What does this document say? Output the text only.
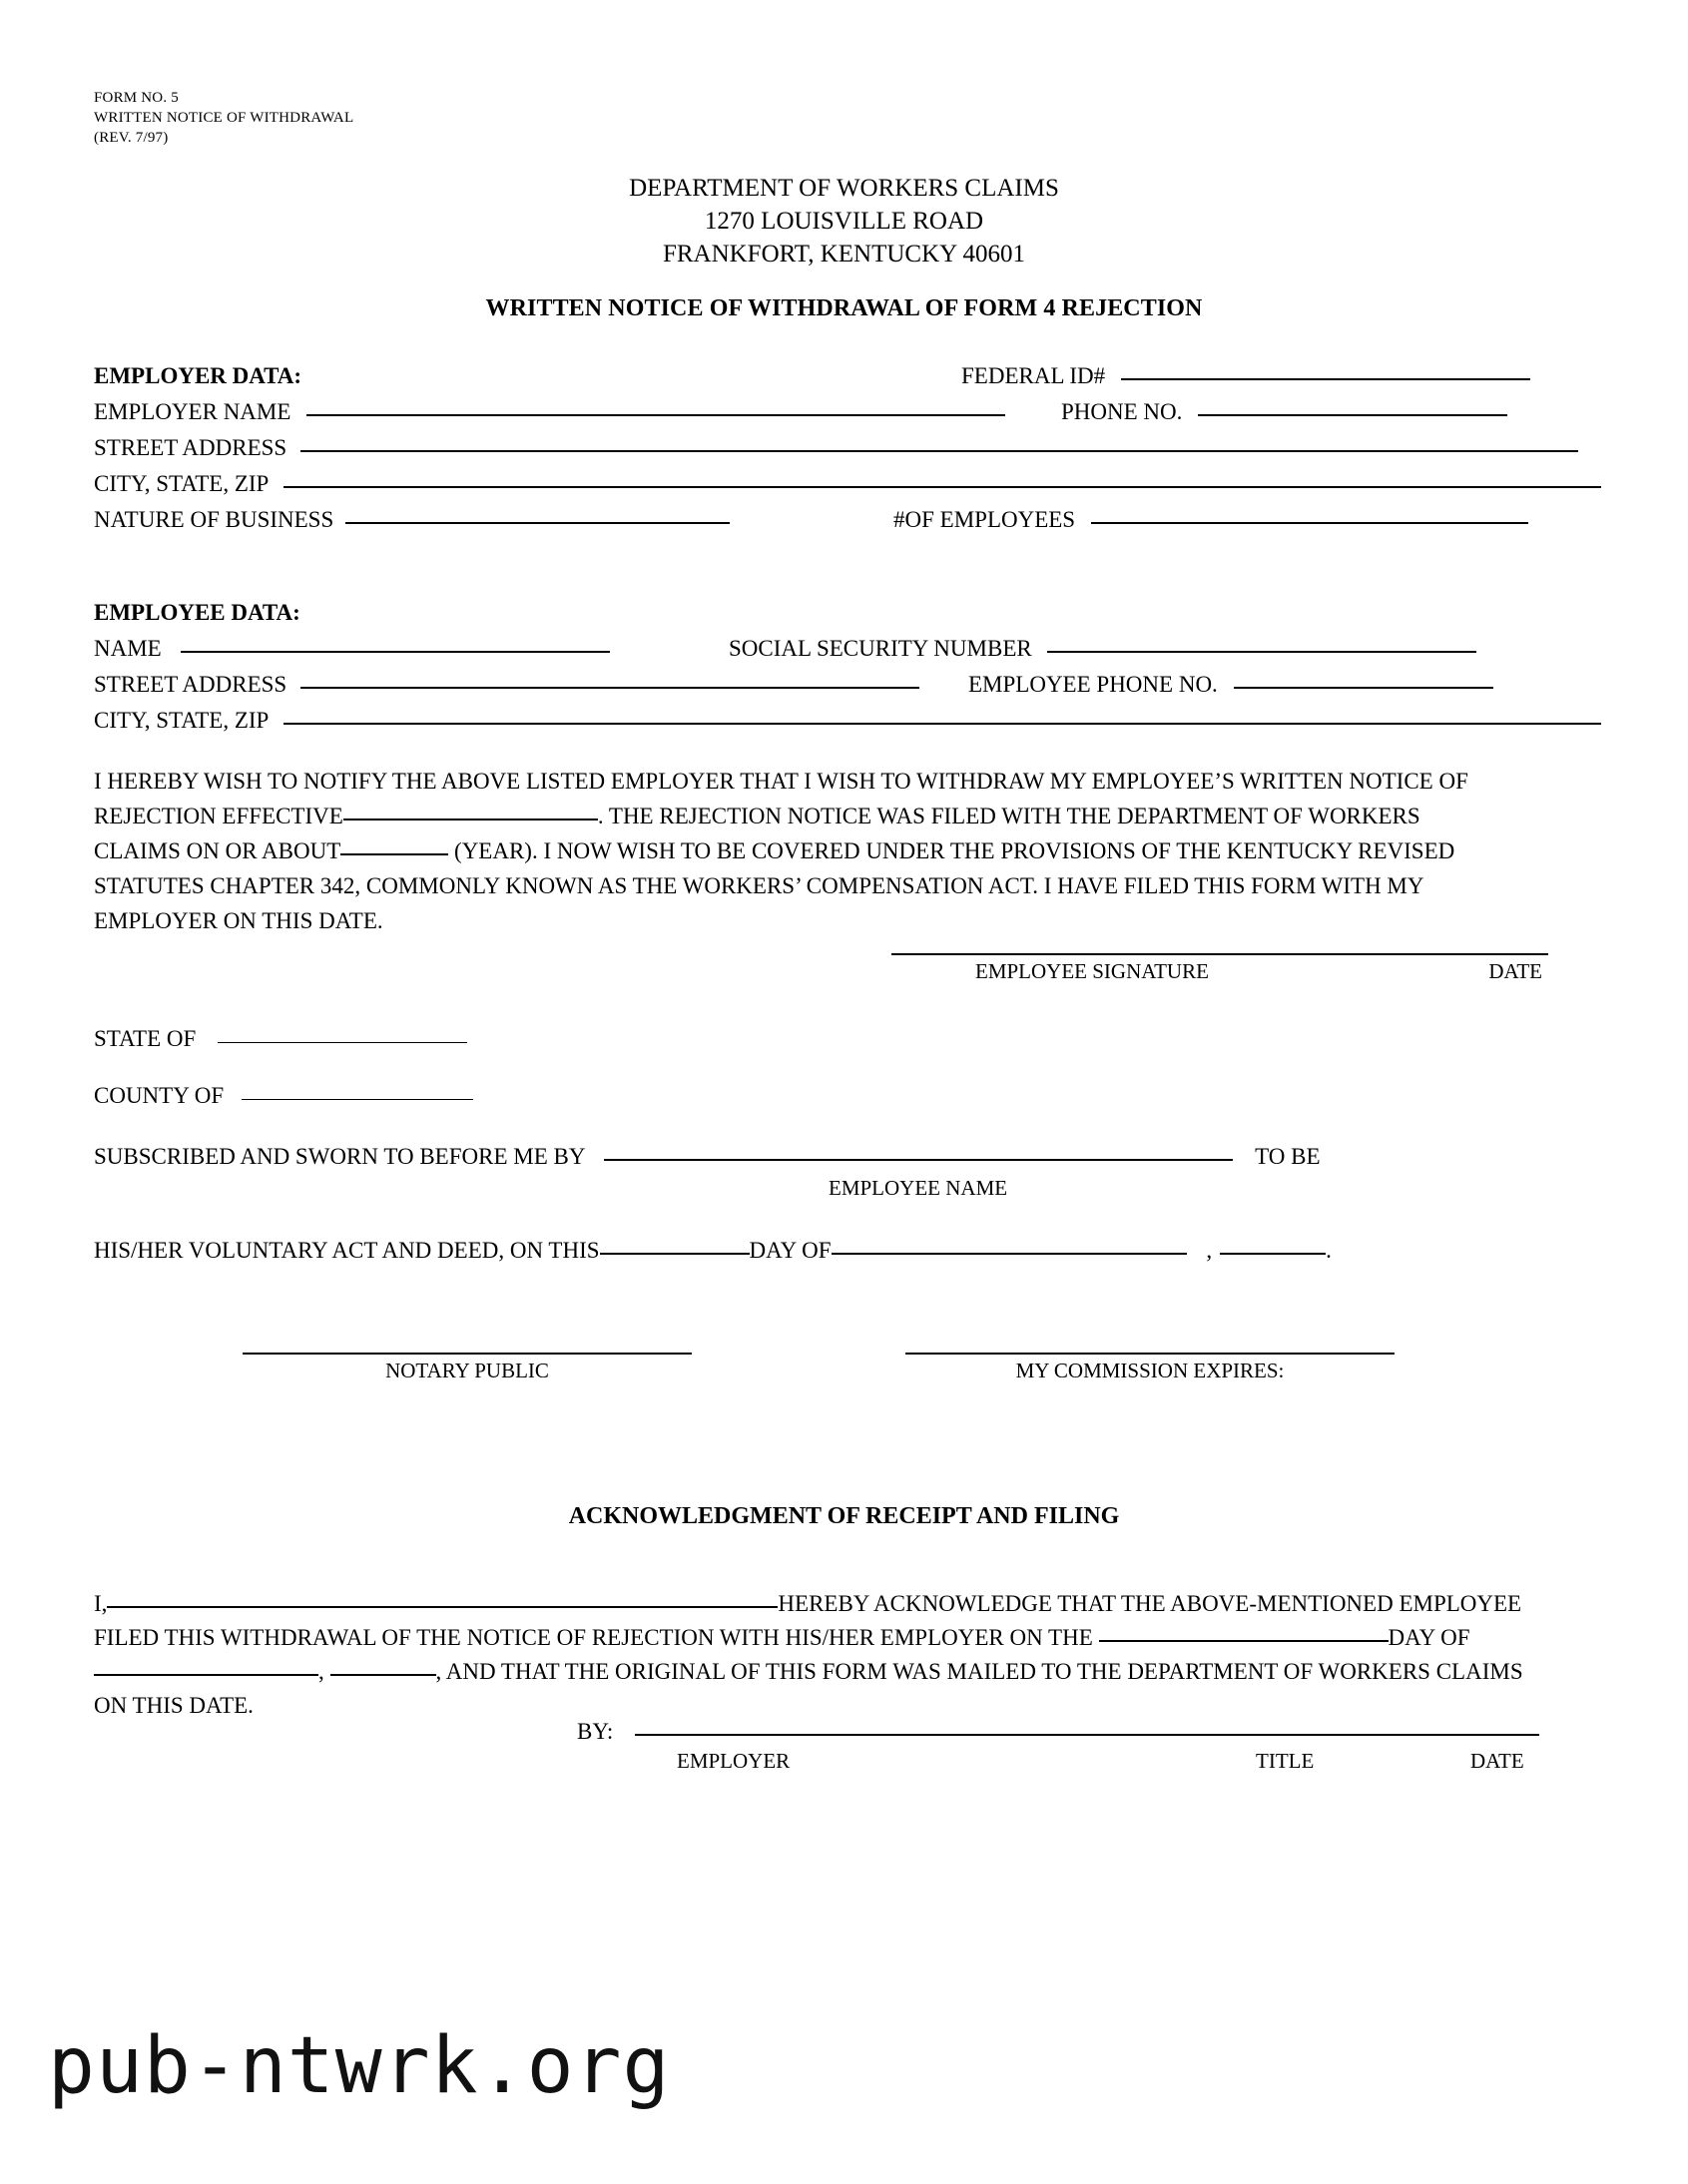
FORM NO. 5
WRITTEN NOTICE OF WITHDRAWAL
(REV. 7/97)
DEPARTMENT OF WORKERS CLAIMS
1270 LOUISVILLE ROAD
FRANKFORT, KENTUCKY 40601
WRITTEN NOTICE OF WITHDRAWAL OF FORM 4 REJECTION
EMPLOYER DATA:	FEDERAL ID#
EMPLOYER NAME	PHONE NO.
STREET ADDRESS
CITY, STATE, ZIP
NATURE OF BUSINESS	#OF EMPLOYEES
EMPLOYEE DATA:
NAME	SOCIAL SECURITY NUMBER
STREET ADDRESS	EMPLOYEE PHONE NO.
CITY, STATE, ZIP
I HEREBY WISH TO NOTIFY THE ABOVE LISTED EMPLOYER THAT I WISH TO WITHDRAW MY EMPLOYEE’S WRITTEN NOTICE OF
REJECTION EFFECTIVE	. THE REJECTION NOTICE WAS FILED WITH THE DEPARTMENT OF WORKERS
CLAIMS ON OR ABOUT	(YEAR). I NOW WISH TO BE COVERED UNDER THE PROVISIONS OF THE KENTUCKY REVISED
STATUTES CHAPTER 342, COMMONLY KNOWN AS THE WORKERS’ COMPENSATION ACT. I HAVE FILED THIS FORM WITH MY
EMPLOYER ON THIS DATE.
EMPLOYEE SIGNATURE	DATE
STATE OF
COUNTY OF
SUBSCRIBED AND SWORN TO BEFORE ME BY	TO BE
EMPLOYEE NAME
HIS/HER VOLUNTARY ACT AND DEED, ON THIS	DAY OF	,	.
NOTARY PUBLIC	MY COMMISSION EXPIRES:
ACKNOWLEDGMENT OF RECEIPT AND FILING
I,	HEREBY ACKNOWLEDGE THAT THE ABOVE-MENTIONED EMPLOYEE
FILED THIS WITHDRAWAL OF THE NOTICE OF REJECTION WITH HIS/HER EMPLOYER ON THE	DAY OF
,	, AND THAT THE ORIGINAL OF THIS FORM WAS MAILED TO THE DEPARTMENT OF WORKERS CLAIMS
ON THIS DATE.
BY:
EMPLOYER	TITLE	DATE
pub-ntwrk.org
